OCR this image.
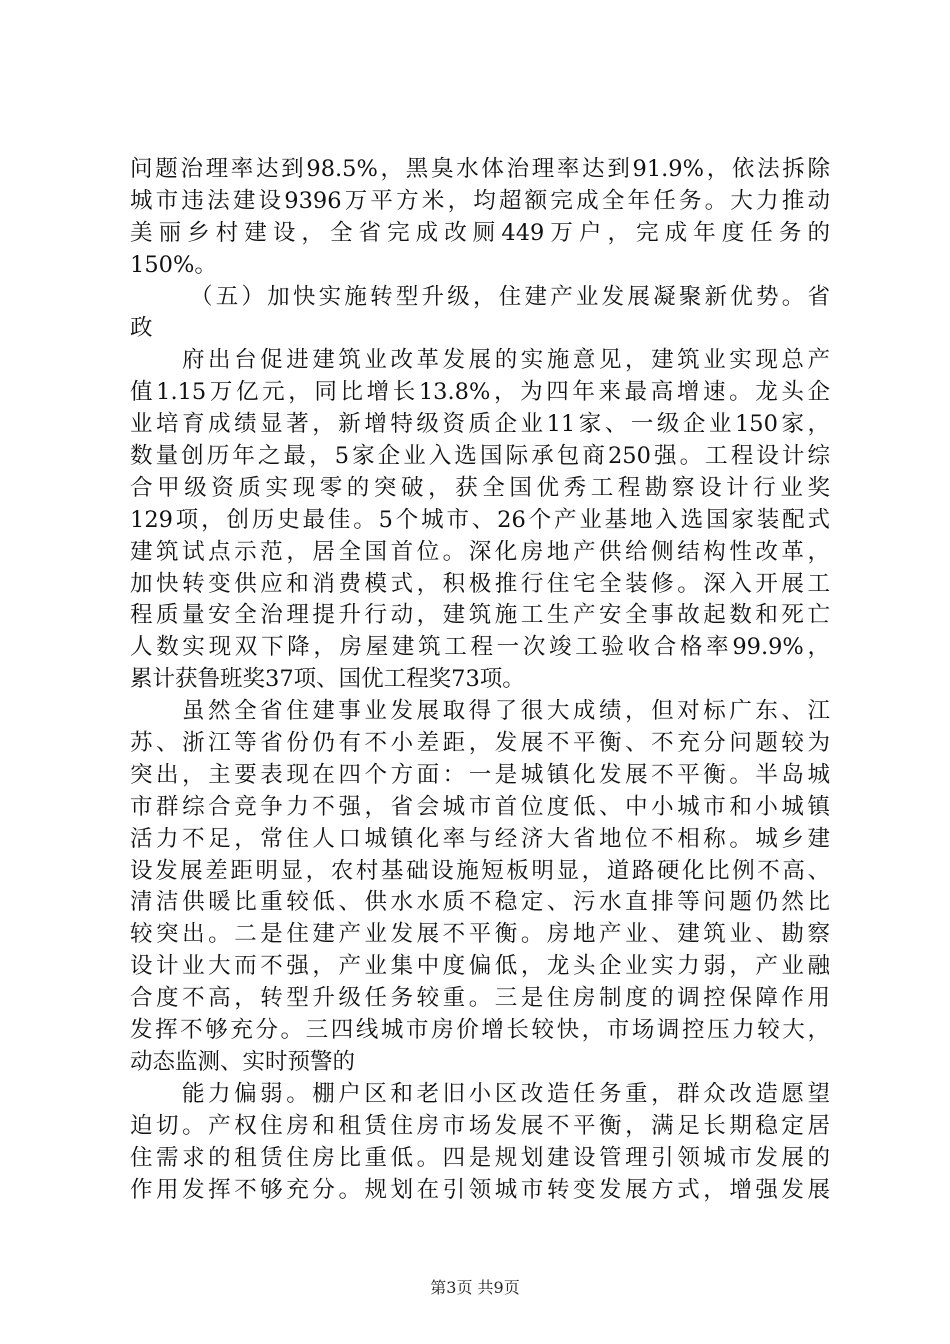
问题治理率达到98.5%，黑臭水体治理率达到91.9%，依法拆除
城市违法建设9396万平方米，均超额完成全年任务。大力推动
美丽乡村建设，全省完成改厕449万户，完成年度任务的
150%。
（五）加快实施转型升级，住建产业发展凝聚新优势。省
政
府出台促进建筑业改革发展的实施意见，建筑业实现总产
值1.15万亿元，同比增长13.8%，为四年来最高增速。龙头企
业培育成绩显著，新增特级资质企业11家、一级企业150家，
数量创历年之最，5家企业入选国际承包商250强。工程设计综
合甲级资质实现零的突破，获全国优秀工程勘察设计行业奖
129项，创历史最佳。5个城市、26个产业基地入选国家装配式
建筑试点示范，居全国首位。深化房地产供给侧结构性改革，
加快转变供应和消费模式，积极推行住宅全装修。深入开展工
程质量安全治理提升行动，建筑施工生产安全事故起数和死亡
人数实现双下降，房屋建筑工程一次竣工验收合格率99.9%，
累计获鲁班奖37项、国优工程奖73项。
虽然全省住建事业发展取得了很大成绩，但对标广东、江
苏、浙江等省份仍有不小差距，发展不平衡、不充分问题较为
突出，主要表现在四个方面：一是城镇化发展不平衡。半岛城
市群综合竞争力不强，省会城市首位度低、中小城市和小城镇
活力不足，常住人口城镇化率与经济大省地位不相称。城乡建
设发展差距明显，农村基础设施短板明显，道路硬化比例不高、
清洁供暖比重较低、供水水质不稳定、污水直排等问题仍然比
较突出。二是住建产业发展不平衡。房地产业、建筑业、勘察
设计业大而不强，产业集中度偏低，龙头企业实力弱，产业融
合度不高，转型升级任务较重。三是住房制度的调控保障作用
发挥不够充分。三四线城市房价增长较快，市场调控压力较大，
动态监测、实时预警的
能力偏弱。棚户区和老旧小区改造任务重，群众改造愿望
迫切。产权住房和租赁住房市场发展不平衡，满足长期稳定居
住需求的租赁住房比重低。四是规划建设管理引领城市发展的
作用发挥不够充分。规划在引领城市转变发展方式，增强发展
第3页 共9页
